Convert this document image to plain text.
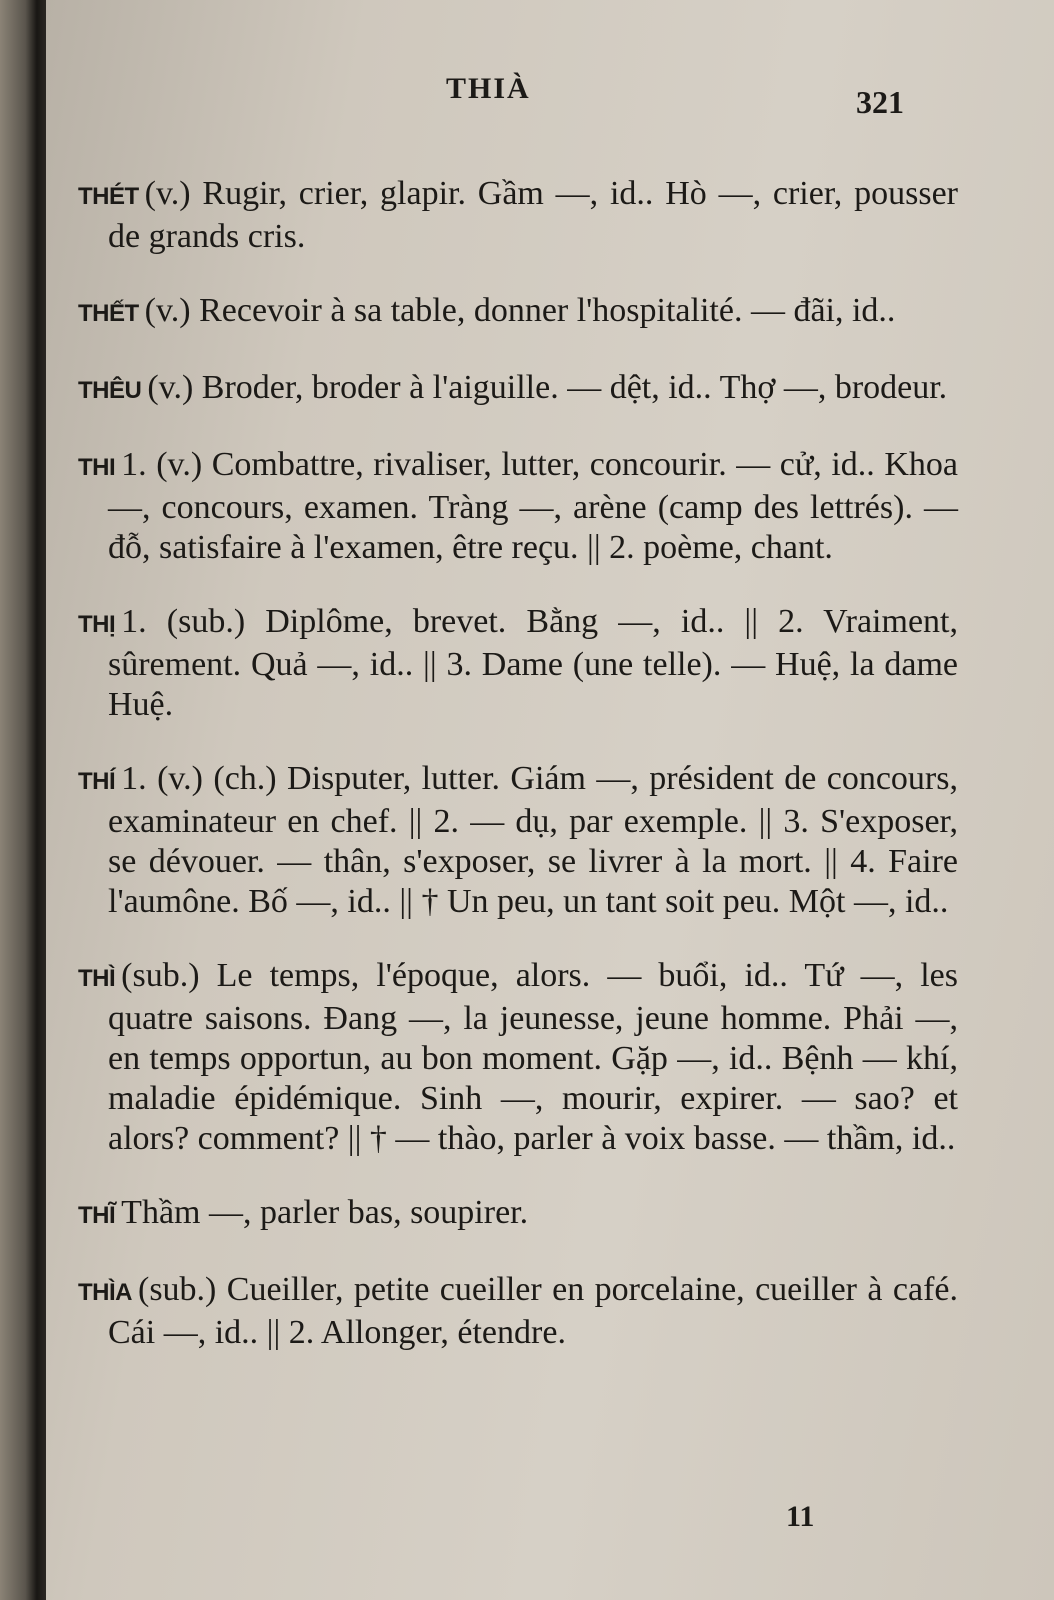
THIÀ	321

THÉT (v.) Rugir, crier, glapir. Gầm —, id.. Hò —, crier, pousser de grands cris.

THẾT (v.) Recevoir à sa table, donner l'hospitalité. — đãi, id..

THÊU (v.) Broder, broder à l'aiguille. — dệt, id.. Thợ —, brodeur.

THI 1. (v.) Combattre, rivaliser, lutter, concourir. — cử, id.. Khoa —, concours, examen. Tràng —, arène (camp des lettrés). — đỗ, satisfaire à l'examen, être reçu. || 2. poème, chant.

THỊ 1. (sub.) Diplôme, brevet. Bằng —, id.. || 2. Vraiment, sûrement. Quả —, id.. || 3. Dame (une telle). — Huệ, la dame Huệ.

THÍ 1. (v.) (ch.) Disputer, lutter. Giám —, président de concours, examinateur en chef. || 2. — dụ, par exemple. || 3. S'exposer, se dévouer. — thân, s'exposer, se livrer à la mort. || 4. Faire l'aumône. Bố —, id.. || † Un peu, un tant soit peu. Một —, id..

THÌ (sub.) Le temps, l'époque, alors. — buổi, id.. Tứ —, les quatre saisons. Đang —, la jeunesse, jeune homme. Phải —, en temps opportun, au bon moment. Gặp —, id.. Bệnh — khí, maladie épidémique. Sinh —, mourir, expirer. — sao? et alors? comment? || † — thào, parler à voix basse. — thầm, id..

THĨ Thầm —, parler bas, soupirer.

THÌA (sub.) Cueiller, petite cueiller en porcelaine, cueiller à café. Cái —, id.. || 2. Allonger, étendre.

11
